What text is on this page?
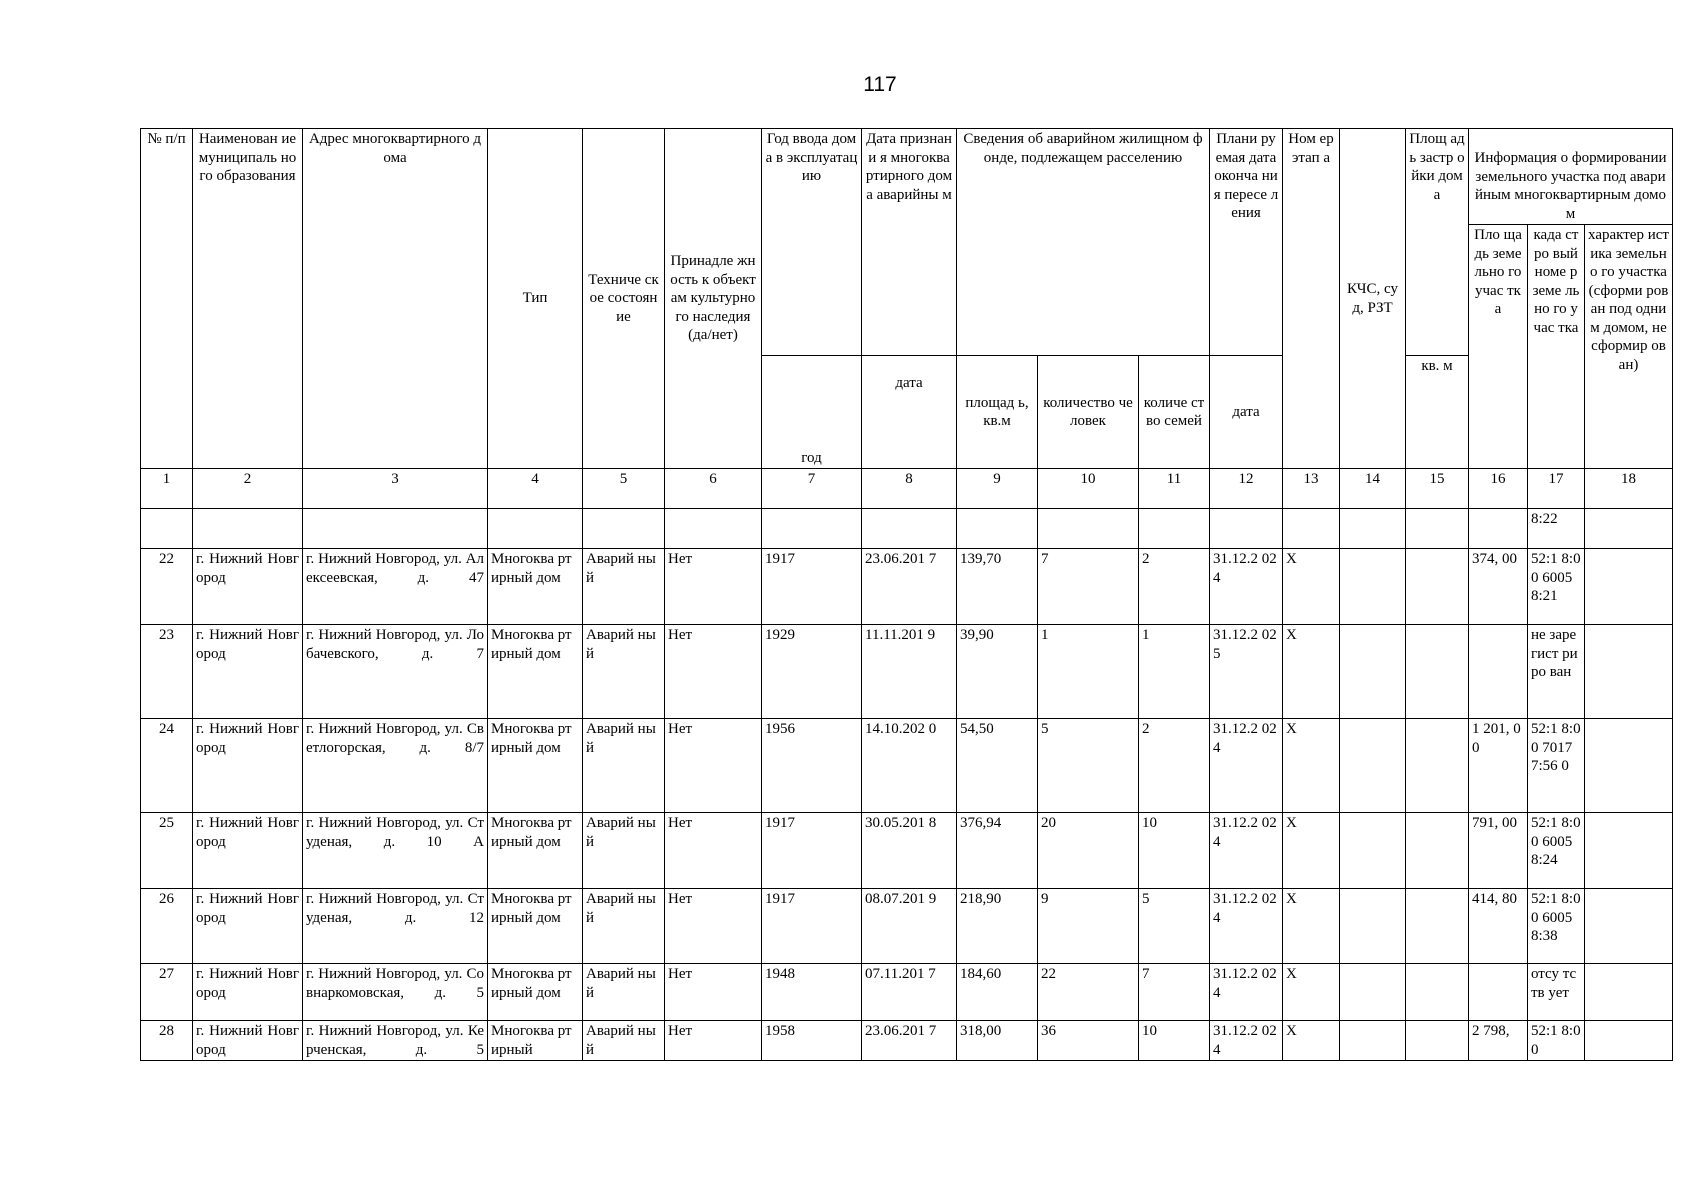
117
№ п/п	Наименован ие муниципаль ного образования	Адрес многоквартирного дома	Тип	Техниче ское состоян ие	Принадле жность к объектам культурно го наследия (да/нет)	Год ввода дома в эксплуатац ию	Дата признани я многоква ртирного дома аварийны м	Сведения об аварийном жилищном фонде, подлежащем расселению			Плани руемая дата оконча ния пересе ления	Ном ер этап а	КЧС, суд, РЗТ	Площ адь застр ойки дома	Информация о формировании земельного участка под аварийным многоквартирным домом		
															Пло щадь земе льно го учас тка	када стро вый номе р земе льно го учас тка	характер истика земельно го участка (сформи рован под одним домом, не сформир ован)
						год	дата	площад ь, кв.м	количество человек	количе ство семей	дата			кв. м			
1	2	3	4	5	6	7	8	9	10	11	12	13	14	15	16	17	18
																8:22	
22	г. Нижний Новгород	г. Нижний Новгород, ул. Алексеевская, д. 47	Многоква ртирный дом	Аварий ный	Нет	1917	23.06.201 7	139,70	7	2	31.12.2 024	X			374, 00	52:1 8:00 6005 8:21	
23	г. Нижний Новгород	г. Нижний Новгород, ул. Лобачевского, д. 7	Многоква ртирный дом	Аварий ный	Нет	1929	11.11.201 9	39,90	1	1	31.12.2 025	X				не заре гист риро ван	
24	г. Нижний Новгород	г. Нижний Новгород, ул. Светлогорская, д. 8/7	Многоква ртирный дом	Аварий ный	Нет	1956	14.10.202 0	54,50	5	2	31.12.2 024	X			1 201, 00	52:1 8:00 7017 7:56 0	
25	г. Нижний Новгород	г. Нижний Новгород, ул. Студеная, д. 10 А	Многоква ртирный дом	Аварий ный	Нет	1917	30.05.201 8	376,94	20	10	31.12.2 024	X			791, 00	52:1 8:00 6005 8:24	
26	г. Нижний Новгород	г. Нижний Новгород, ул. Студеная, д. 12	Многоква ртирный дом	Аварий ный	Нет	1917	08.07.201 9	218,90	9	5	31.12.2 024	X			414, 80	52:1 8:00 6005 8:38	
27	г. Нижний Новгород	г. Нижний Новгород, ул. Совнаркомовская, д. 5	Многоква ртирный дом	Аварий ный	Нет	1948	07.11.201 7	184,60	22	7	31.12.2 024	X				отсу тств ует	
28	г. Нижний Новгород	г. Нижний Новгород, ул. Керченская, д. 5	Многоква ртирный	Аварий ный	Нет	1958	23.06.201 7	318,00	36	10	31.12.2 024	X			2 798,	52:1 8:00	
